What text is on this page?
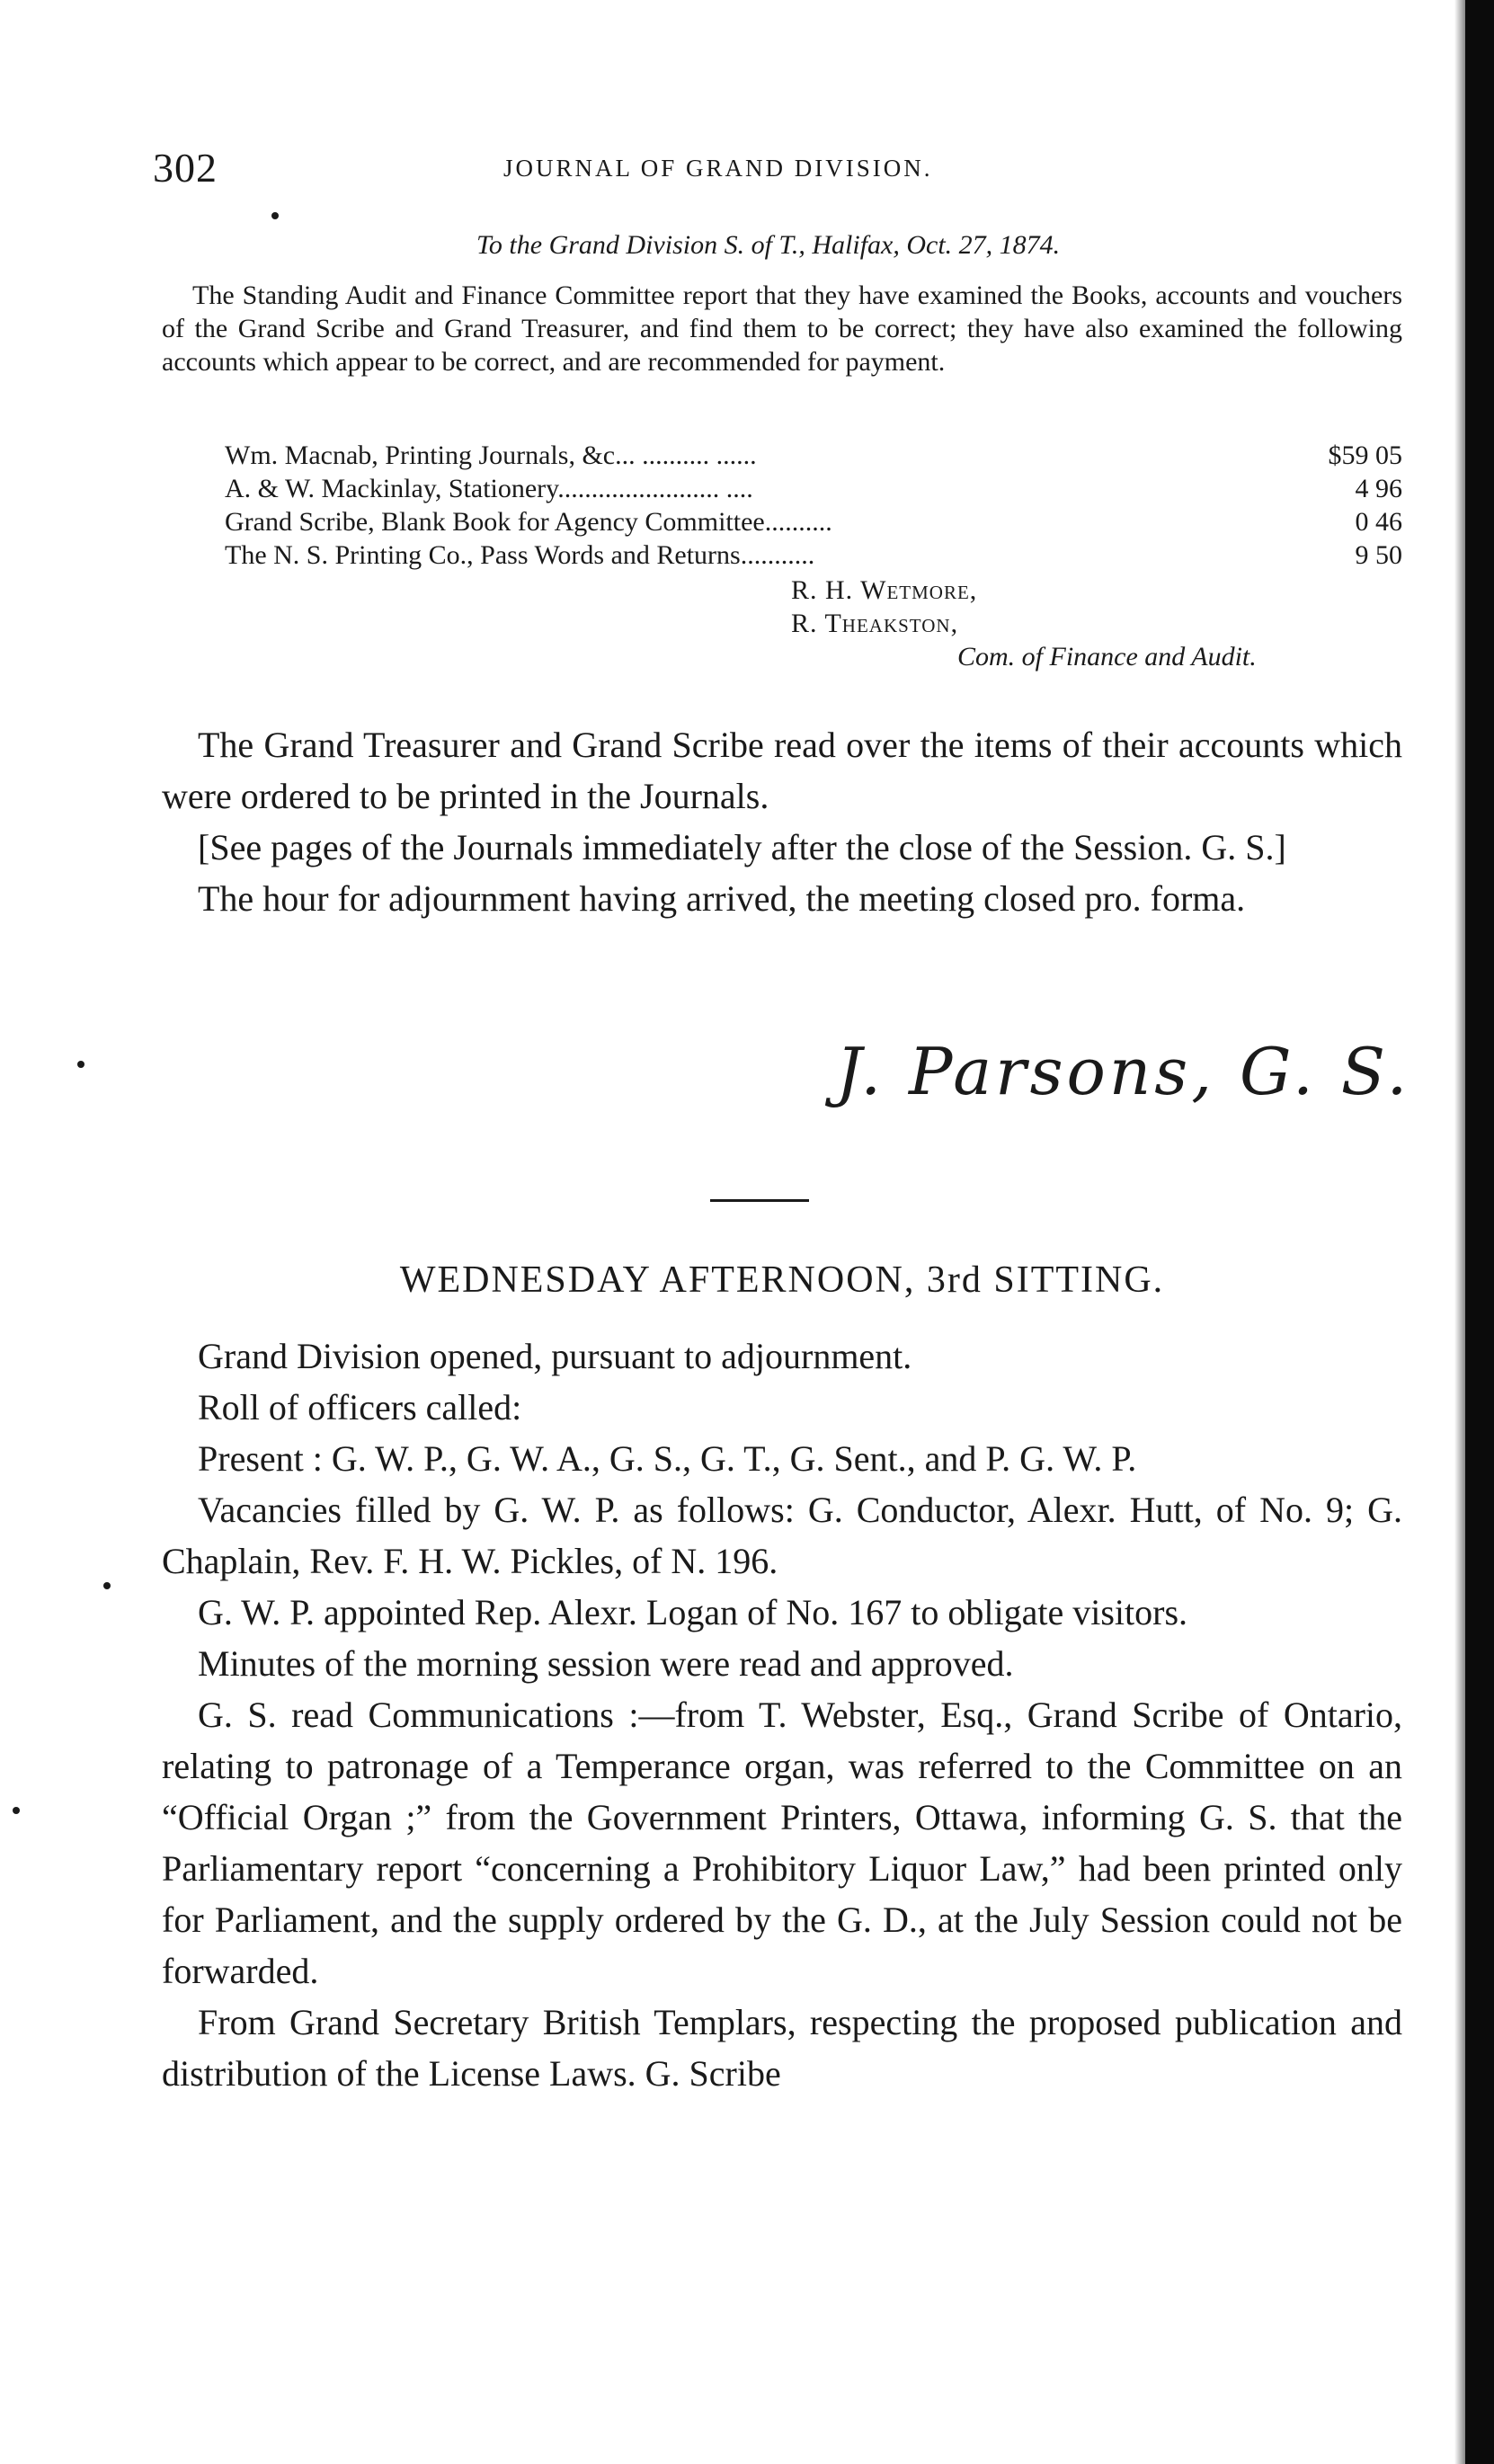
302	JOURNAL OF GRAND DIVISION.
To the Grand Division S. of T., Halifax, Oct. 27, 1874.

The Standing Audit and Finance Committee report that they have examined the Books, accounts and vouchers of the Grand Scribe and Grand Treasurer, and find them to be correct; they have also examined the following accounts which appear to be correct, and are recommended for payment.

Wm. Macnab, Printing Journals, &c... .......... ......	$59 05
A. & W. Mackinlay, Stationery........................ ....	4 96
Grand Scribe, Blank Book for Agency Committee..........	0 46
The N. S. Printing Co., Pass Words and Returns...........	9 50
R. H. Wetmore,
R. Theakston,
Com. of Finance and Audit.

The Grand Treasurer and Grand Scribe read over the items of their accounts which were ordered to be printed in the Journals.

[See pages of the Journals immediately after the close of the Session. G. S.]

The hour for adjournment having arrived, the meeting closed pro. forma.

J. Parsons, G. S.
WEDNESDAY AFTERNOON, 3rd SITTING.

Grand Division opened, pursuant to adjournment.

Roll of officers called:

Present : G. W. P., G. W. A., G. S., G. T., G. Sent., and P. G. W. P.

Vacancies filled by G. W. P. as follows: G. Conductor, Alexr. Hutt, of No. 9; G. Chaplain, Rev. F. H. W. Pickles, of N. 196.

G. W. P. appointed Rep. Alexr. Logan of No. 167 to obligate visitors.

Minutes of the morning session were read and approved.

G. S. read Communications :—from T. Webster, Esq., Grand Scribe of Ontario, relating to patronage of a Temperance organ, was referred to the Committee on an “Official Organ ;” from the Government Printers, Ottawa, informing G. S. that the Parliamentary report “concerning a Prohibitory Liquor Law,” had been printed only for Parliament, and the supply ordered by the G. D., at the July Session could not be forwarded.

From Grand Secretary British Templars, respecting the proposed publication and distribution of the License Laws. G. Scribe
